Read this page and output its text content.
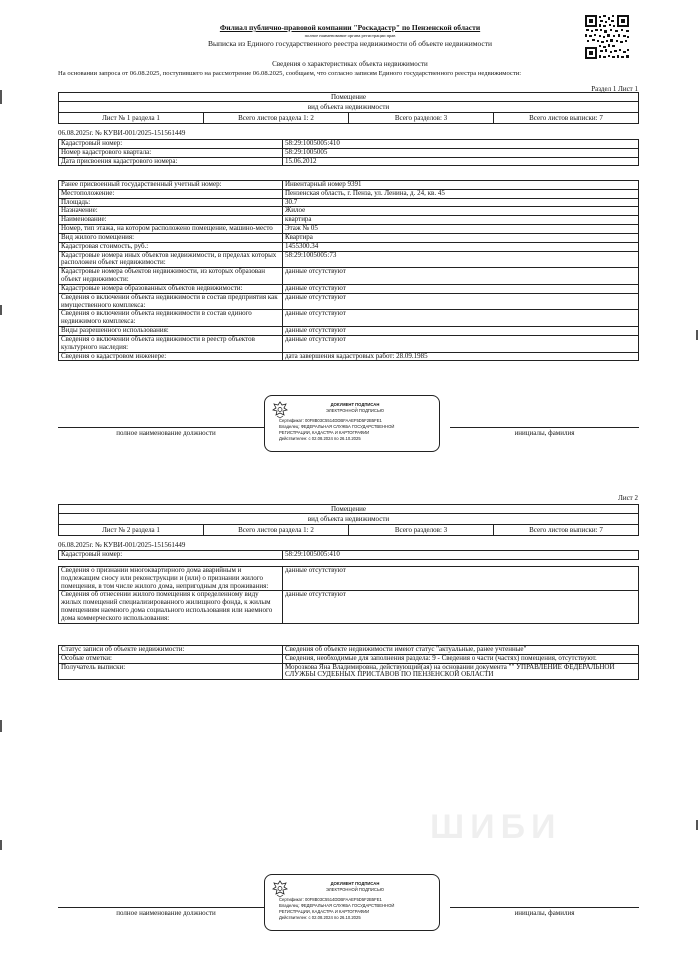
Филиал публично-правовой компании "Роскадастр" по Пензенской области
полное наименование органа регистрации прав
Выписка из Единого государственного реестра недвижимости об объекте недвижимости
Сведения о характеристиках объекта недвижимости
На основании запроса от 06.08.2025, поступившего на рассмотрение 06.08.2025, сообщаем, что согласно записям Единого государственного реестра недвижимости:
Раздел 1 Лист 1
Помещение
вид объекта недвижимости
Лист № 1 раздела 1	Всего листов раздела 1: 2	Всего разделов: 3	Всего листов выписки: 7
06.08.2025г. № КУВИ-001/2025-151561449
Кадастровый номер:	58:29:1005005:410
Номер кадастрового квартала:	58:29:1005005
Дата присвоения кадастрового номера:	15.06.2012
Ранее присвоенный государственный учетный номер:	Инвентарный номер 9391
Местоположение:	Пензенская область, г. Пенза, ул. Ленина, д. 24, кв. 45
Площадь:	30.7
Назначение:	Жилое
Наименование:	квартира
Номер, тип этажа, на котором расположено помещение, машино-место	Этаж № 05
Вид жилого помещения:	Квартира
Кадастровая стоимость, руб.:	1455300.34
Кадастровые номера иных объектов недвижимости, в пределах которых расположен объект недвижимости:	58:29:1005005:73
Кадастровые номера объектов недвижимости, из которых образован объект недвижимости:	данные отсутствуют
Кадастровые номера образованных объектов недвижимости:	данные отсутствуют
Сведения о включении объекта недвижимости в состав предприятия как имущественного комплекса:	данные отсутствуют
Сведения о включении объекта недвижимости в состав единого недвижимого комплекса:	данные отсутствуют
Виды разрешенного использования:	данные отсутствуют
Сведения о включении объекта недвижимости в реестр объектов культурного наследия:	данные отсутствуют
Сведения о кадастровом инженере:	дата завершения кадастровых работ: 28.09.1985
полное наименование должности	инициалы, фамилия
ДОКУМЕНТ ПОДПИСАН
ЭЛЕКТРОННОЙ ПОДПИСЬЮ
Сертификат: 00F8B03C5514DDBFAAEF5D5F2B5FE1
Владелец: ФЕДЕРАЛЬНАЯ СЛУЖБА ГОСУДАРСТВЕННОЙ
РЕГИСТРАЦИИ, КАДАСТРА И КАРТОГРАФИИ
Действителен: с 02.08.2024 по 26.10.2025
Лист 2
Помещение
вид объекта недвижимости
Лист № 2 раздела 1	Всего листов раздела 1: 2	Всего разделов: 3	Всего листов выписки: 7
06.08.2025г. № КУВИ-001/2025-151561449
Кадастровый номер:	58:29:1005005:410
Сведения о признании многоквартирного дома аварийным и подлежащим сносу или реконструкции и (или) о признании жилого помещения, в том числе жилого дома, непригодным для проживания:	данные отсутствуют
Сведения об отнесении жилого помещения к определенному виду жилых помещений специализированного жилищного фонда, к жилым помещениям наемного дома социального использования или наемного дома коммерческого использования:	данные отсутствуют
Статус записи об объекте недвижимости:	Сведения об объекте недвижимости имеют статус "актуальные, ранее учтенные"
Особые отметки:	Сведения, необходимые для заполнения раздела: 9 - Сведения о части (частях) помещения, отсутствуют.
Получатель выписки:	Морозкова Яна Владимировна, действующий(ая) на основании документа "" УПРАВЛЕНИЕ ФЕДЕРАЛЬНОЙ СЛУЖБЫ СУДЕБНЫХ ПРИСТАВОВ ПО ПЕНЗЕНСКОЙ ОБЛАСТИ
ШИБИ
полное наименование должности	инициалы, фамилия
ДОКУМЕНТ ПОДПИСАН
ЭЛЕКТРОННОЙ ПОДПИСЬЮ
Сертификат: 00F8B03C5514DDBFAAEF5D5F2B5FE1
Владелец: ФЕДЕРАЛЬНАЯ СЛУЖБА ГОСУДАРСТВЕННОЙ
РЕГИСТРАЦИИ, КАДАСТРА И КАРТОГРАФИИ
Действителен: с 02.08.2024 по 26.10.2025
